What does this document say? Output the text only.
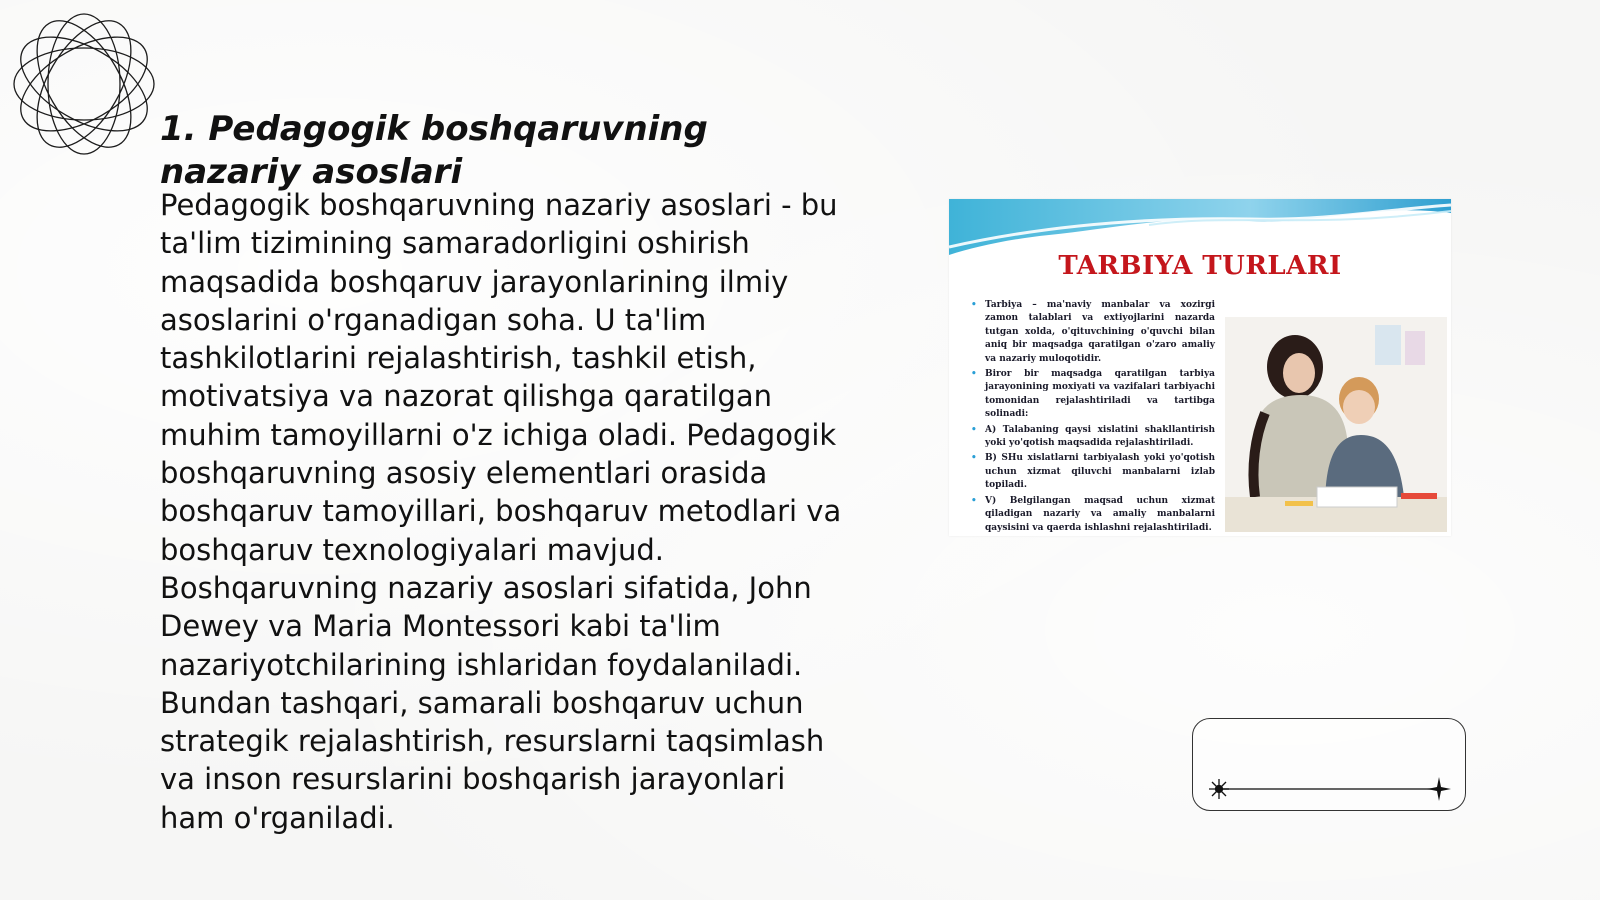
1. Pedagogik boshqaruvning nazariy asoslari

Pedagogik boshqaruvning nazariy asoslari - bu ta'lim tizimining samaradorligini oshirish maqsadida boshqaruv jarayonlarining ilmiy asoslarini o'rganadigan soha. U ta'lim tashkilotlarini rejalashtirish, tashkil etish, motivatsiya va nazorat qilishga qaratilgan muhim tamoyillarni o'z ichiga oladi. Pedagogik boshqaruvning asosiy elementlari orasida boshqaruv tamoyillari, boshqaruv metodlari va boshqaruv texnologiyalari mavjud. Boshqaruvning nazariy asoslari sifatida, John Dewey va Maria Montessori kabi ta'lim nazariyotchilarining ishlaridan foydalaniladi. Bundan tashqari, samarali boshqaruv uchun strategik rejalashtirish, resurslarni taqsimlash va inson resurslarini boshqarish jarayonlari ham o'rganiladi.

TARBIYA TURLARI
• Tarbiya – ma'naviy manbalar va xozirgi zamon talablari va extiyojlarini nazarda tutgan xolda, o'qituvchining o'quvchi bilan aniq bir maqsadga qaratilgan o'zaro amaliy va nazariy muloqotidir.
• Biror bir maqsadga qaratilgan tarbiya jarayonining moxiyati va vazifalari tarbiyachi tomonidan rejalashtiriladi va tartibga solinadi:
• A) Talabaning qaysi xislatini shakllantirish yoki yo'qotish maqsadida rejalashtiriladi.
• B) SHu xislatlarni tarbiyalash yoki yo'qotish uchun xizmat qiluvchi manbalarni izlab topiladi.
• V) Belgilangan maqsad uchun xizmat qiladigan nazariy va amaliy manbalarni qaysisini va qaerda ishlashni rejalashtiriladi.
